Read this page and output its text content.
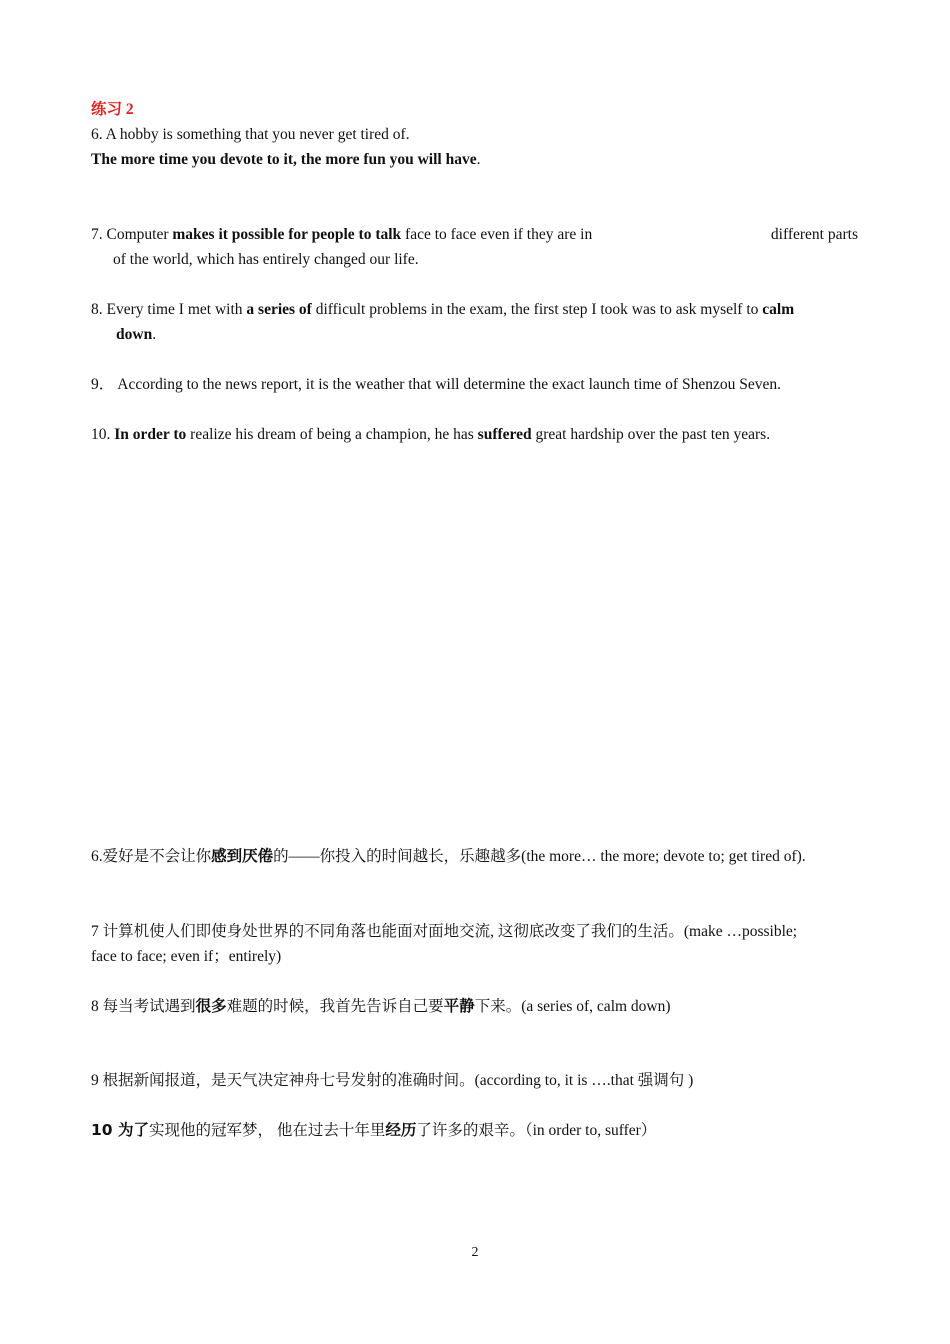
练习 2
6. A hobby is something that you never get tired of.
The more time you devote to it, the more fun you will have.
7. Computer makes it possible for people to talk face to face even if they are in	different parts
of the world, which has entirely changed our life.
8. Every time I met with a series of difficult problems in the exam, the first step I took was to ask myself to calm
down.
9． According to the news report, it is the weather that will determine the exact launch time of Shenzou Seven.
10. In order to realize his dream of being a champion, he has suffered great hardship over the past ten years.
6.爱好是不会让你感到厌倦的——你投入的时间越长，乐趣越多(the more… the more; devote to; get tired of).
7 计算机使人们即使身处世界的不同角落也能面对面地交流, 这彻底改变了我们的生活。(make …possible;
face to face; even if；entirely)
8 每当考试遇到很多难题的时候，我首先告诉自己要平静下来。(a series of, calm down)
9 根据新闻报道，是天气决定神舟七号发射的准确时间。(according to, it is ….that 强调句 )
10 为了实现他的冠军梦， 他在过去十年里经历了许多的艰辛。（in order to, suffer）
2
